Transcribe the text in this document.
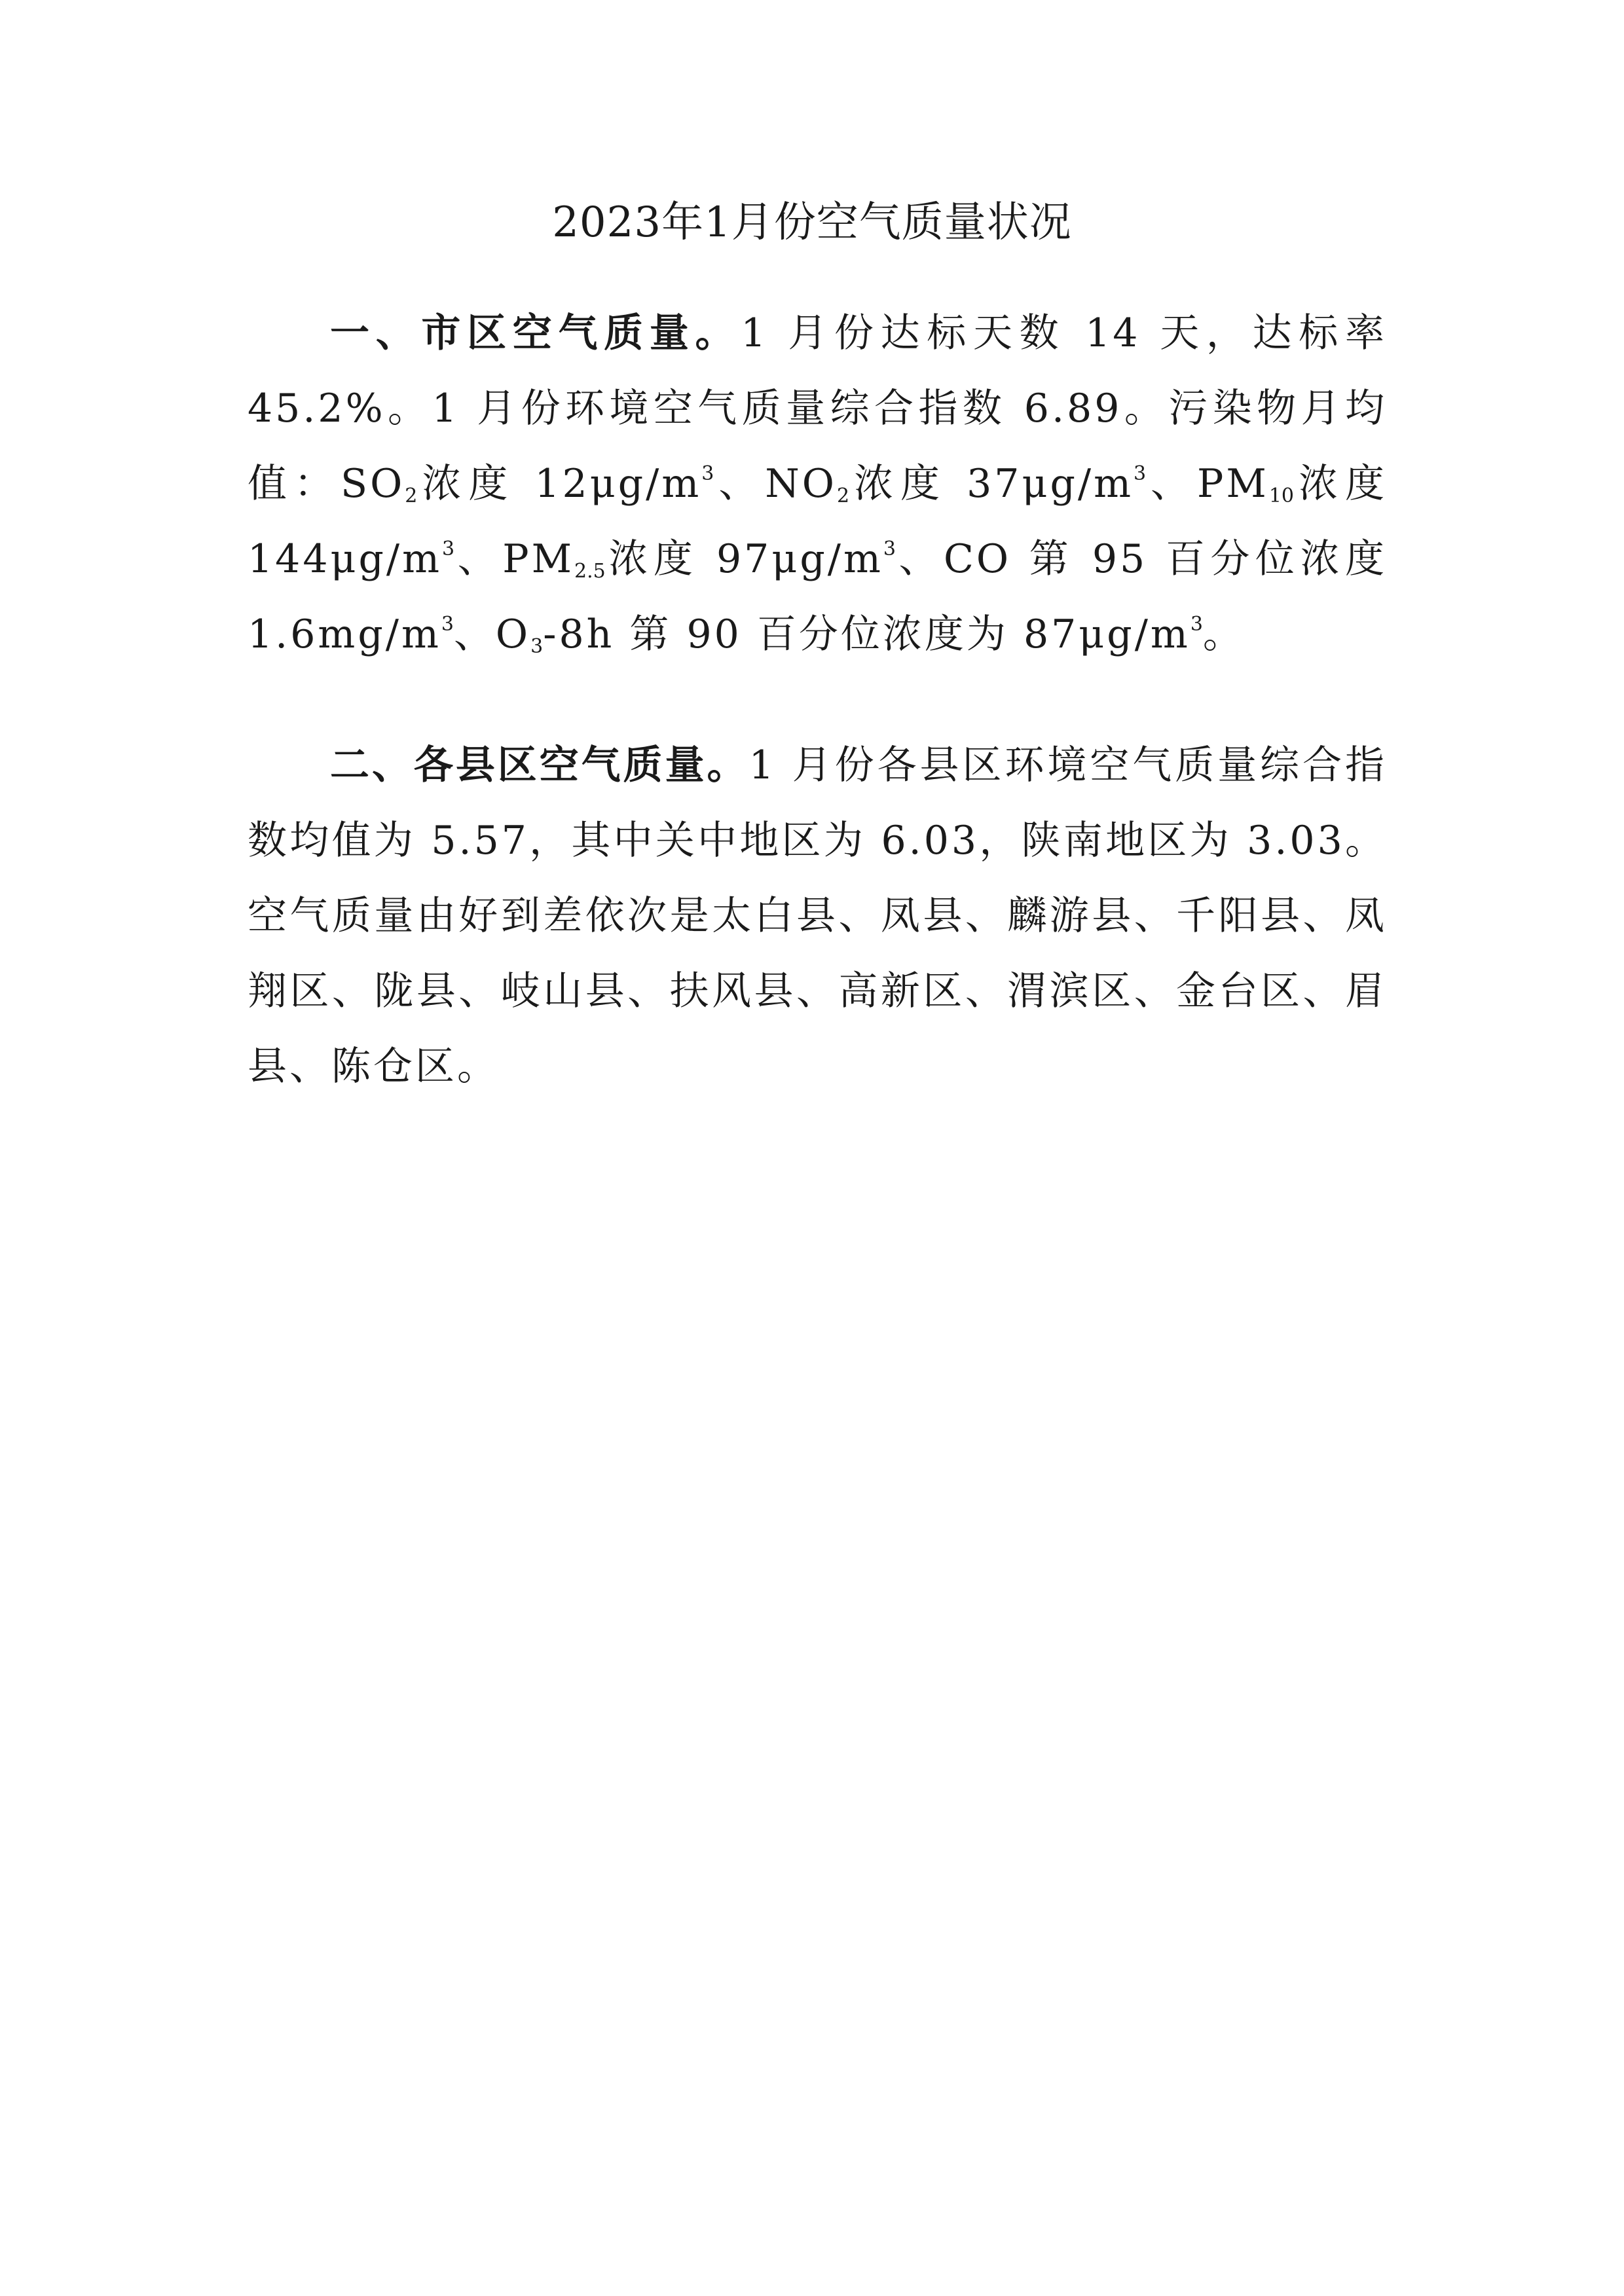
2023年1月份空气质量状况

一、市区空气质量。1 月份达标天数 14 天，达标率 45.2%。1 月份环境空气质量综合指数 6.89。污染物月均值：$SO_2$浓度 $12\mu g/m^3$、$NO_2$浓度 $37\mu g/m^3$、$PM_{10}$浓度 $144\mu g/m^3$、$PM_{2.5}$浓度 $97\mu g/m^3$、CO 第 95 百分位浓度 $1.6mg/m^3$、$O_3-8h$ 第 90 百分位浓度为 $87\mu g/m^3$。

二、各县区空气质量。1 月份各县区环境空气质量综合指数均值为 5.57，其中关中地区为 6.03，陕南地区为 3.03。空气质量由好到差依次是太白县、凤县、麟游县、千阳县、凤翔区、陇县、岐山县、扶风县、高新区、渭滨区、金台区、眉县、陈仓区。
